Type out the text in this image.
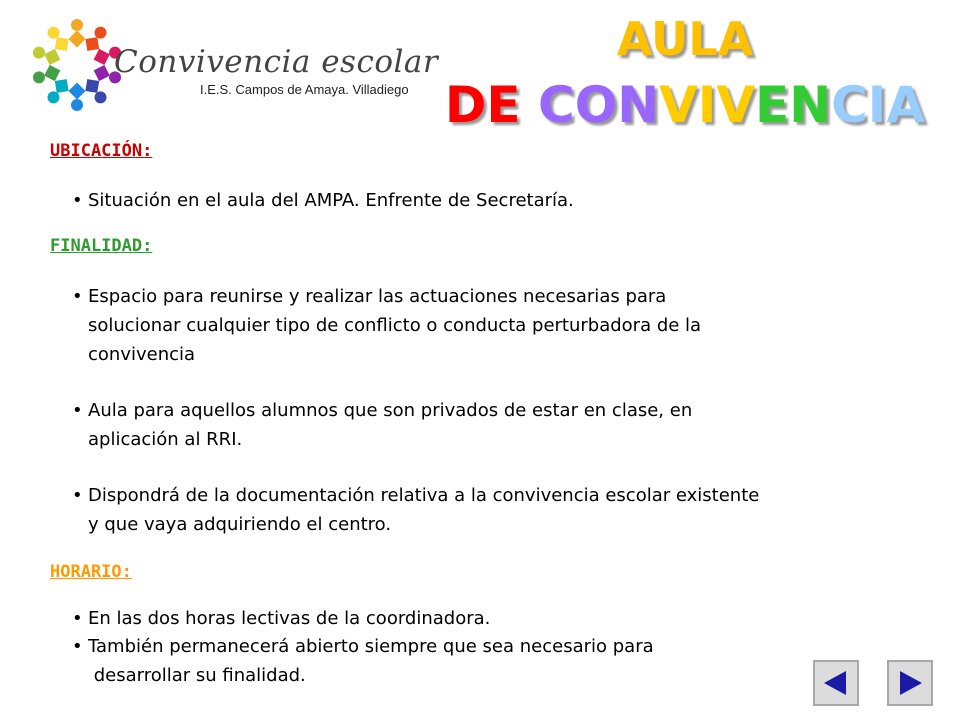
Convivencia escolar
I.E.S. Campos de Amaya. Villadiego
AULA
DE CONVIVENCIA
UBICACIÓN:
• Situación en el aula del AMPA. Enfrente de Secretaría.
FINALIDAD:
• Espacio para reunirse y realizar las actuaciones necesarias para
solucionar cualquier tipo de conflicto o conducta perturbadora de la
convivencia
• Aula para aquellos alumnos que son privados de estar en clase, en
aplicación al RRI.
• Dispondrá de la documentación relativa a la convivencia escolar existente
y que vaya adquiriendo el centro.
HORARIO:
• En las dos horas lectivas de la coordinadora.
• También permanecerá abierto siempre que sea necesario para
desarrollar su finalidad.
